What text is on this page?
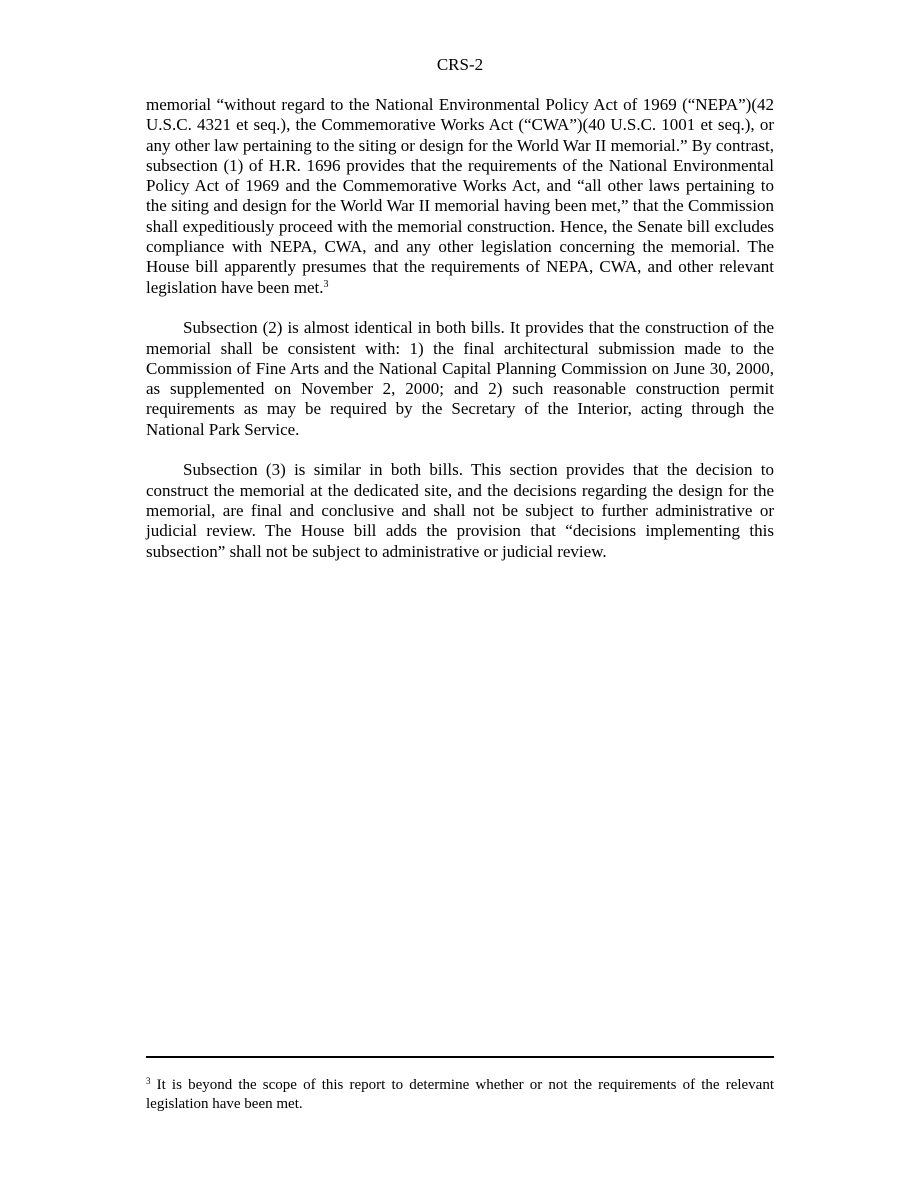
CRS-2

memorial “without regard to the National Environmental Policy Act of 1969 (“NEPA”)(42 U.S.C. 4321 et seq.), the Commemorative Works Act (“CWA”)(40 U.S.C. 1001 et seq.), or any other law pertaining to the siting or design for the World War II memorial.” By contrast, subsection (1) of H.R. 1696 provides that the requirements of the National Environmental Policy Act of 1969 and the Commemorative Works Act, and “all other laws pertaining to the siting and design for the World War II memorial having been met,” that the Commission shall expeditiously proceed with the memorial construction. Hence, the Senate bill excludes compliance with NEPA, CWA, and any other legislation concerning the memorial. The House bill apparently presumes that the requirements of NEPA, CWA, and other relevant legislation have been met.$^3$

Subsection (2) is almost identical in both bills. It provides that the construction of the memorial shall be consistent with: 1) the final architectural submission made to the Commission of Fine Arts and the National Capital Planning Commission on June 30, 2000, as supplemented on November 2, 2000; and 2) such reasonable construction permit requirements as may be required by the Secretary of the Interior, acting through the National Park Service.

Subsection (3) is similar in both bills. This section provides that the decision to construct the memorial at the dedicated site, and the decisions regarding the design for the memorial, are final and conclusive and shall not be subject to further administrative or judicial review. The House bill adds the provision that “decisions implementing this subsection” shall not be subject to administrative or judicial review.

$^3$ It is beyond the scope of this report to determine whether or not the requirements of the relevant legislation have been met.
